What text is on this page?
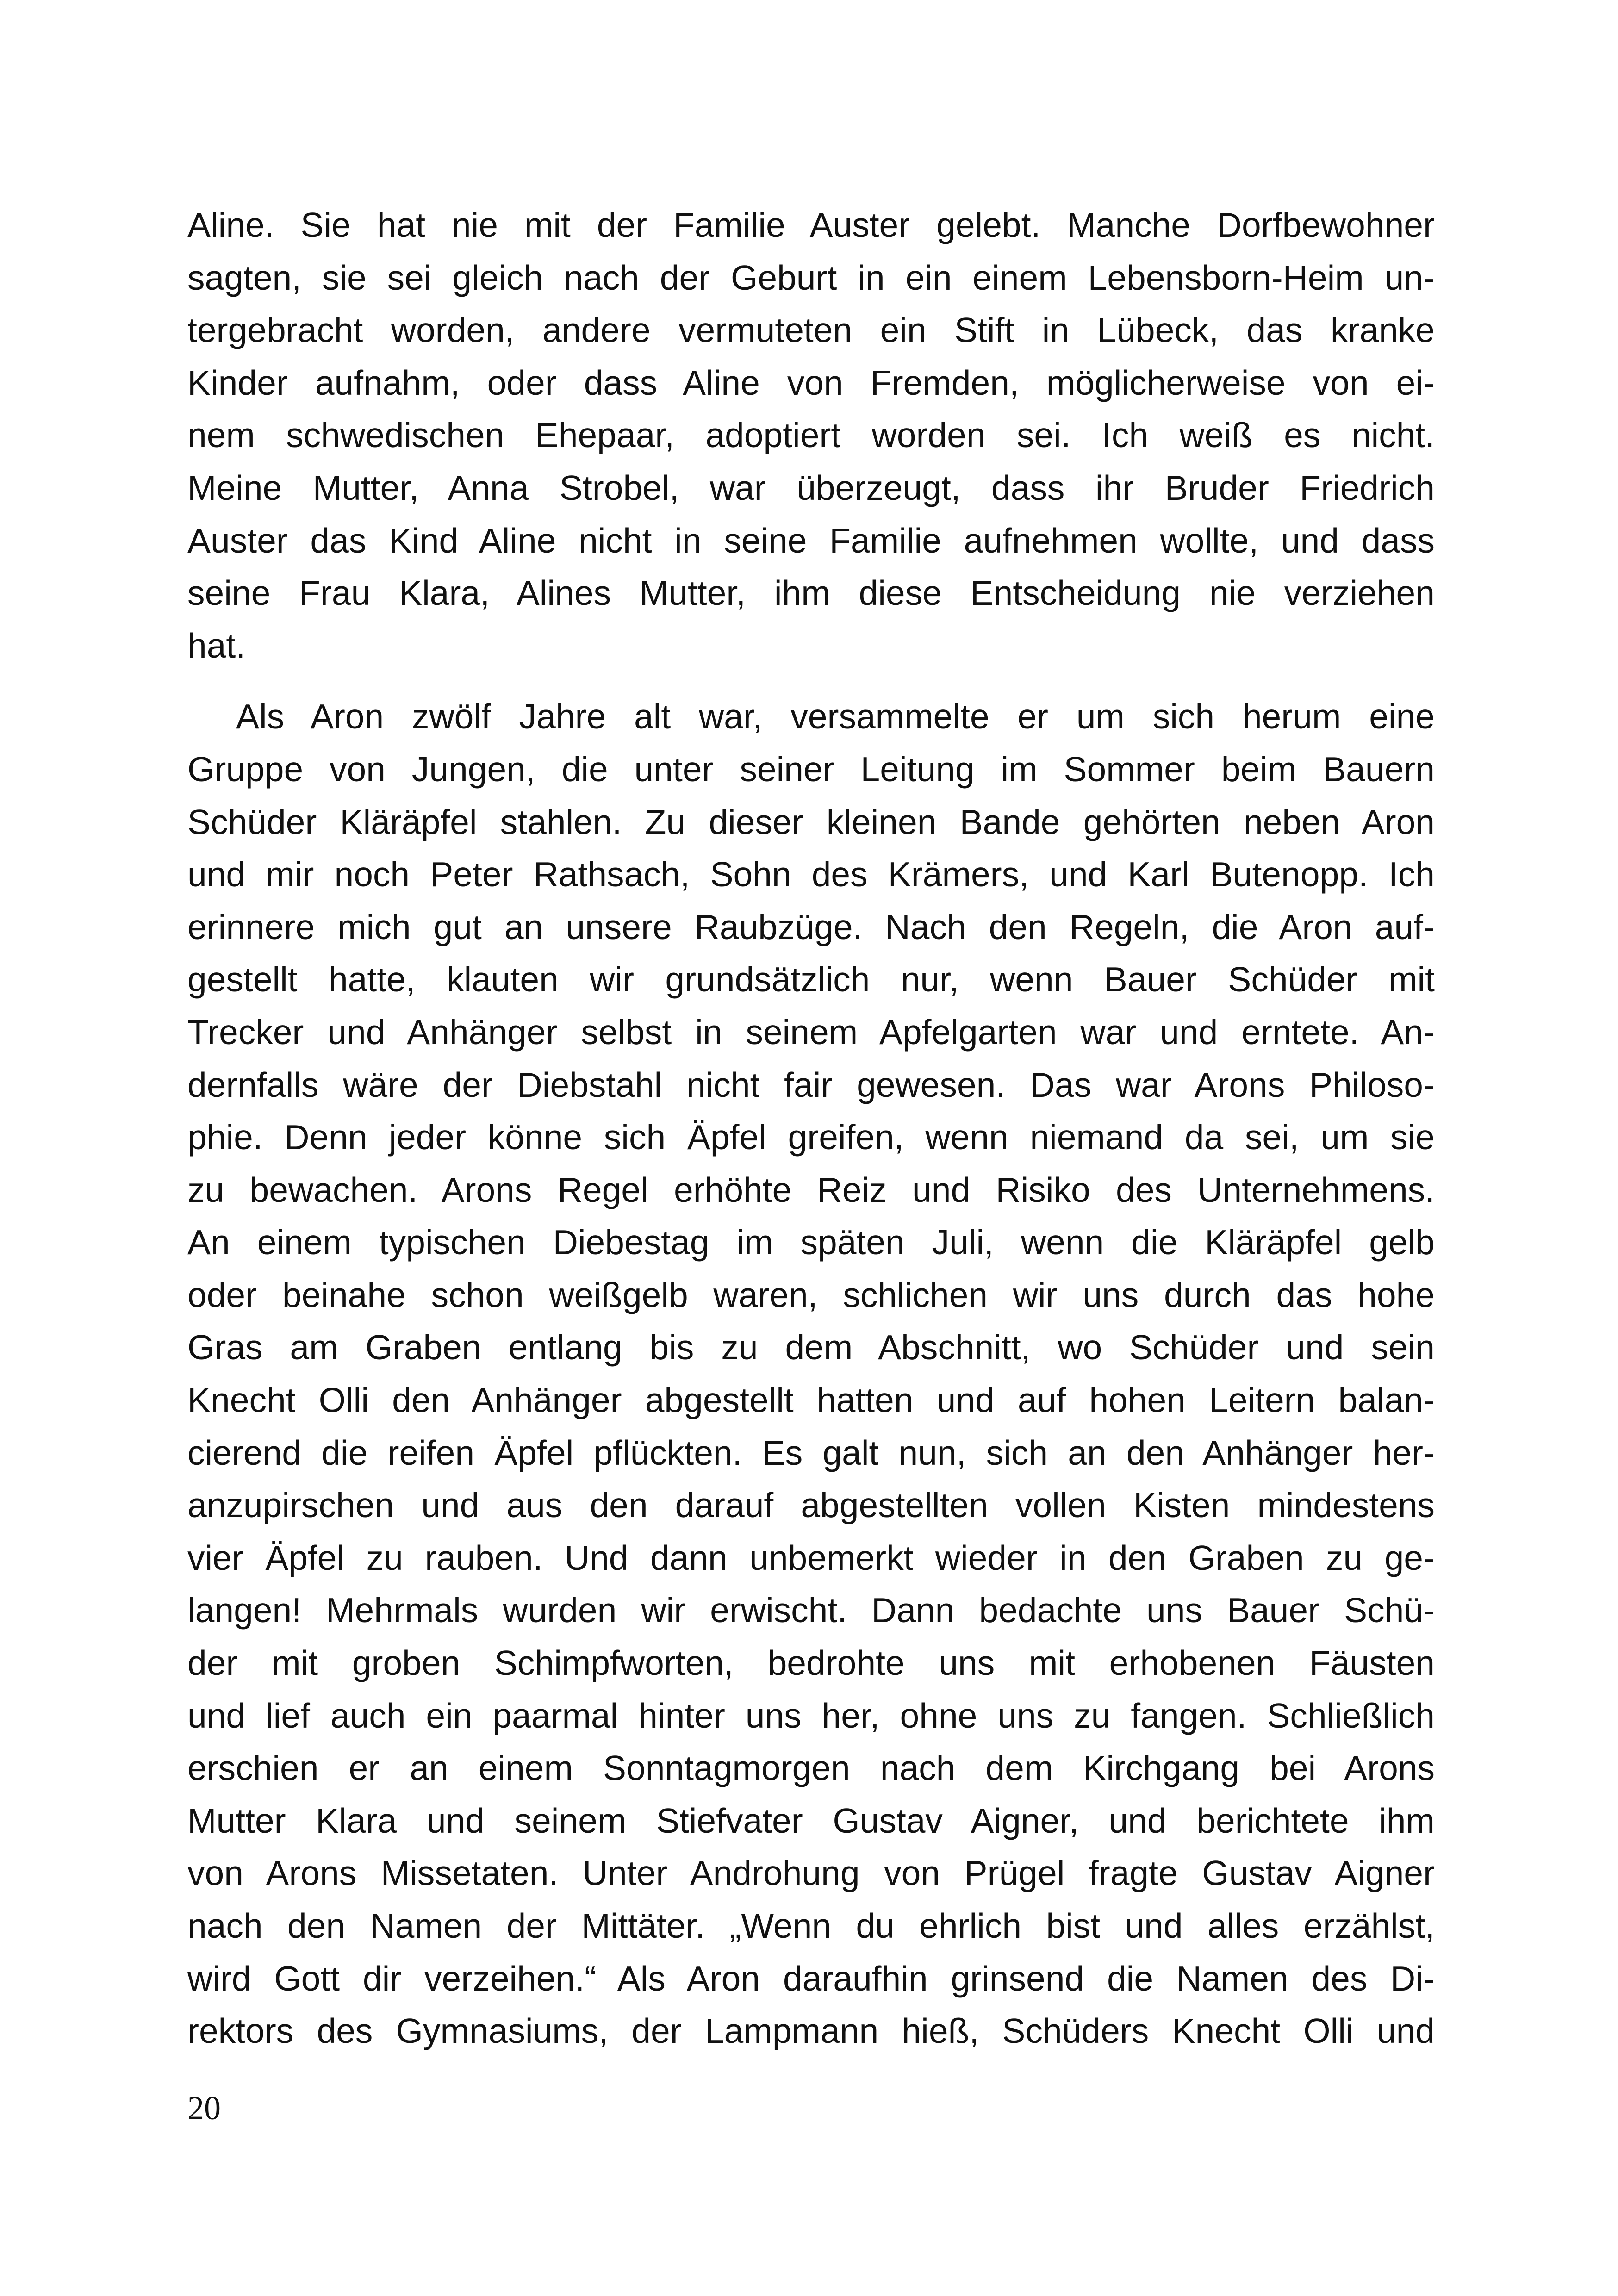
Aline. Sie hat nie mit der Familie Auster gelebt. Manche Dorfbewohner
sagten, sie sei gleich nach der Geburt in ein einem Lebensborn-Heim un-
tergebracht worden, andere vermuteten ein Stift in Lübeck, das kranke
Kinder aufnahm, oder dass Aline von Fremden, möglicherweise von ei-
nem schwedischen Ehepaar, adoptiert worden sei. Ich weiß es nicht.
Meine Mutter, Anna Strobel, war überzeugt, dass ihr Bruder Friedrich
Auster das Kind Aline nicht in seine Familie aufnehmen wollte, und dass
seine Frau Klara, Alines Mutter, ihm diese Entscheidung nie verziehen
hat.
Als Aron zwölf Jahre alt war, versammelte er um sich herum eine
Gruppe von Jungen, die unter seiner Leitung im Sommer beim Bauern
Schüder Kläräpfel stahlen. Zu dieser kleinen Bande gehörten neben Aron
und mir noch Peter Rathsach, Sohn des Krämers, und Karl Butenopp. Ich
erinnere mich gut an unsere Raubzüge. Nach den Regeln, die Aron auf-
gestellt hatte, klauten wir grundsätzlich nur, wenn Bauer Schüder mit
Trecker und Anhänger selbst in seinem Apfelgarten war und erntete. An-
dernfalls wäre der Diebstahl nicht fair gewesen. Das war Arons Philoso-
phie. Denn jeder könne sich Äpfel greifen, wenn niemand da sei, um sie
zu bewachen. Arons Regel erhöhte Reiz und Risiko des Unternehmens.
An einem typischen Diebestag im späten Juli, wenn die Kläräpfel gelb
oder beinahe schon weißgelb waren, schlichen wir uns durch das hohe
Gras am Graben entlang bis zu dem Abschnitt, wo Schüder und sein
Knecht Olli den Anhänger abgestellt hatten und auf hohen Leitern balan-
cierend die reifen Äpfel pflückten. Es galt nun, sich an den Anhänger her-
anzupirschen und aus den darauf abgestellten vollen Kisten mindestens
vier Äpfel zu rauben. Und dann unbemerkt wieder in den Graben zu ge-
langen! Mehrmals wurden wir erwischt. Dann bedachte uns Bauer Schü-
der mit groben Schimpfworten, bedrohte uns mit erhobenen Fäusten
und lief auch ein paarmal hinter uns her, ohne uns zu fangen. Schließlich
erschien er an einem Sonntagmorgen nach dem Kirchgang bei Arons
Mutter Klara und seinem Stiefvater Gustav Aigner, und berichtete ihm
von Arons Missetaten. Unter Androhung von Prügel fragte Gustav Aigner
nach den Namen der Mittäter. „Wenn du ehrlich bist und alles erzählst,
wird Gott dir verzeihen.“ Als Aron daraufhin grinsend die Namen des Di-
rektors des Gymnasiums, der Lampmann hieß, Schüders Knecht Olli und
20
